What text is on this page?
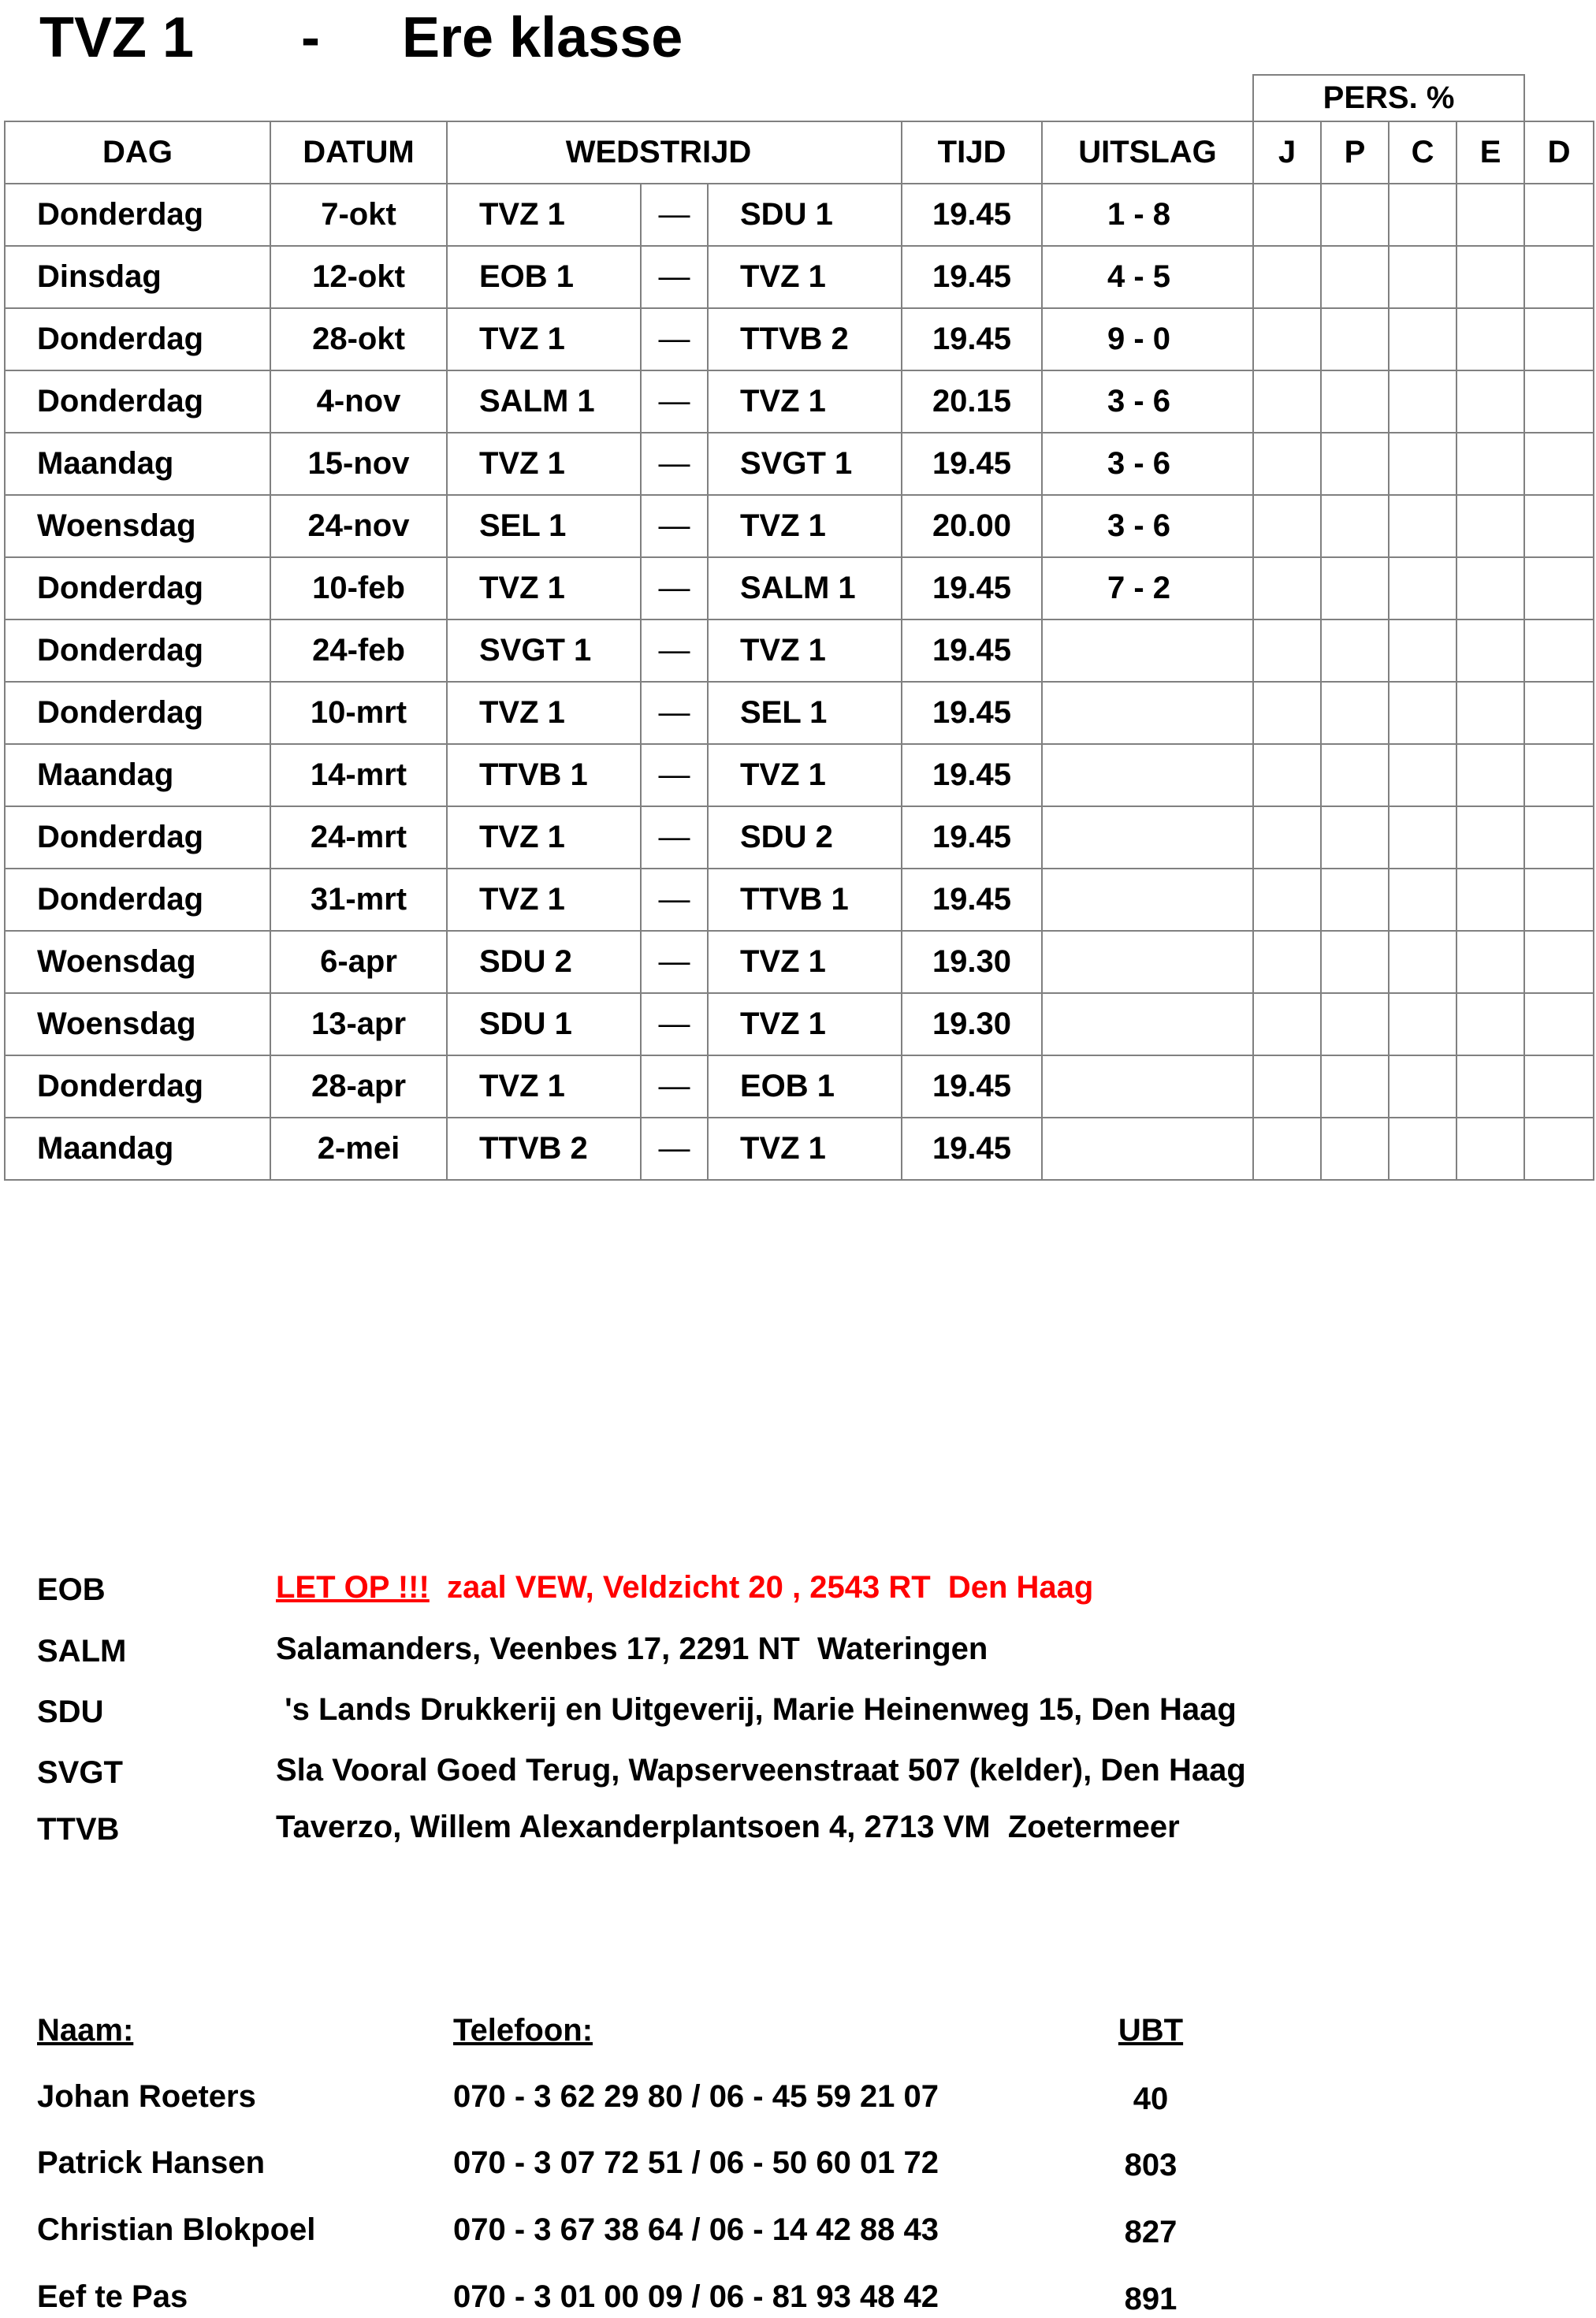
TVZ 1 - Ere klasse
							PERS. %				
DAG	DATUM	WEDSTRIJD			TIJD	UITSLAG	J	P	C	E	D
Donderdag	7-okt	TVZ 1	—	SDU 1	19.45	1 - 8					
Dinsdag	12-okt	EOB 1	—	TVZ 1	19.45	4 - 5					
Donderdag	28-okt	TVZ 1	—	TTVB 2	19.45	9 - 0					
Donderdag	4-nov	SALM 1	—	TVZ 1	20.15	3 - 6					
Maandag	15-nov	TVZ 1	—	SVGT 1	19.45	3 - 6					
Woensdag	24-nov	SEL 1	—	TVZ 1	20.00	3 - 6					
Donderdag	10-feb	TVZ 1	—	SALM 1	19.45	7 - 2					
Donderdag	24-feb	SVGT 1	—	TVZ 1	19.45						
Donderdag	10-mrt	TVZ 1	—	SEL 1	19.45						
Maandag	14-mrt	TTVB 1	—	TVZ 1	19.45						
Donderdag	24-mrt	TVZ 1	—	SDU 2	19.45						
Donderdag	31-mrt	TVZ 1	—	TTVB 1	19.45						
Woensdag	6-apr	SDU 2	—	TVZ 1	19.30						
Woensdag	13-apr	SDU 1	—	TVZ 1	19.30						
Donderdag	28-apr	TVZ 1	—	EOB 1	19.45						
Maandag	2-mei	TTVB 2	—	TVZ 1	19.45						
EOB	LET OP !!! zaal VEW, Veldzicht 20 , 2543 RT  Den Haag
SALM	Salamanders, Veenbes 17, 2291 NT  Wateringen
SDU	's Lands Drukkerij en Uitgeverij, Marie Heinenweg 15, Den Haag
SVGT	Sla Vooral Goed Terug, Wapserveenstraat 507 (kelder), Den Haag
TTVB	Taverzo, Willem Alexanderplantsoen 4, 2713 VM  Zoetermeer
Naam:	Telefoon:	UBT
Johan Roeters	070 - 3 62 29 80 / 06 - 45 59 21 07	40
Patrick Hansen	070 - 3 07 72 51 / 06 - 50 60 01 72	803
Christian Blokpoel	070 - 3 67 38 64 / 06 - 14 42 88 43	827
Eef te Pas	070 - 3 01 00 09 / 06 - 81 93 48 42	891
